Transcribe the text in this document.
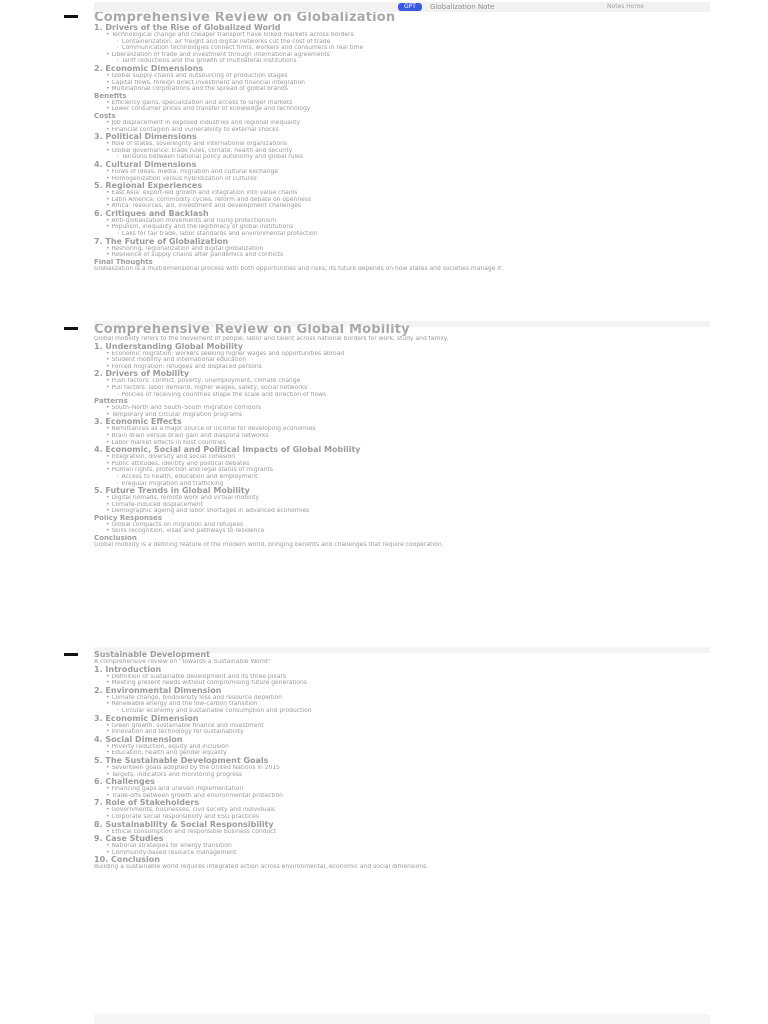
GPT	Globalization Note	Notes Home
Comprehensive Review on Globalization
1. Drivers of the Rise of Globalized World
• Technological change and cheaper transport have linked markets across borders
◦ Containerization, air freight and digital networks cut the cost of trade
◦ Communication technologies connect firms, workers and consumers in real time
• Liberalization of trade and investment through international agreements
◦ Tariff reductions and the growth of multilateral institutions
2. Economic Dimensions
• Global supply chains and outsourcing of production stages
• Capital flows, foreign direct investment and financial integration
• Multinational corporations and the spread of global brands
Benefits
• Efficiency gains, specialization and access to larger markets
• Lower consumer prices and transfer of knowledge and technology
Costs
• Job displacement in exposed industries and regional inequality
• Financial contagion and vulnerability to external shocks
3. Political Dimensions
• Role of states, sovereignty and international organizations
• Global governance: trade rules, climate, health and security
◦ Tensions between national policy autonomy and global rules
4. Cultural Dimensions
• Flows of ideas, media, migration and cultural exchange
• Homogenization versus hybridization of cultures
5. Regional Experiences
• East Asia: export-led growth and integration into value chains
• Latin America: commodity cycles, reform and debate on openness
• Africa: resources, aid, investment and development challenges
6. Critiques and Backlash
• Anti-globalization movements and rising protectionism
• Populism, inequality and the legitimacy of global institutions
◦ Calls for fair trade, labor standards and environmental protection
7. The Future of Globalization
• Reshoring, regionalization and digital globalization
• Resilience of supply chains after pandemics and conflicts
Final Thoughts
Globalization is a multidimensional process with both opportunities and risks; its future depends on how states and societies manage it.
Comprehensive Review on Global Mobility
Global mobility refers to the movement of people, labor and talent across national borders for work, study and family.
1. Understanding Global Mobility
• Economic migration: workers seeking higher wages and opportunities abroad
• Student mobility and international education
• Forced migration: refugees and displaced persons
2. Drivers of Mobility
• Push factors: conflict, poverty, unemployment, climate change
• Pull factors: labor demand, higher wages, safety, social networks
◦ Policies of receiving countries shape the scale and direction of flows
Patterns
• South–North and South–South migration corridors
• Temporary and circular migration programs
3. Economic Effects
• Remittances as a major source of income for developing economies
• Brain drain versus brain gain and diaspora networks
• Labor market effects in host countries
4. Economic, Social and Political Impacts of Global Mobility
• Integration, diversity and social cohesion
• Public attitudes, identity and political debates
• Human rights, protection and legal status of migrants
◦ Access to health, education and employment
◦ Irregular migration and trafficking
5. Future Trends in Global Mobility
• Digital nomads, remote work and virtual mobility
• Climate-induced displacement
• Demographic ageing and labor shortages in advanced economies
Policy Responses
• Global compacts on migration and refugees
• Skills recognition, visas and pathways to residence
Conclusion
Global mobility is a defining feature of the modern world, bringing benefits and challenges that require cooperation.
Sustainable Development
A comprehensive review on "Towards a Sustainable World"
1. Introduction
• Definition of sustainable development and its three pillars
• Meeting present needs without compromising future generations
2. Environmental Dimension
• Climate change, biodiversity loss and resource depletion
• Renewable energy and the low-carbon transition
◦ Circular economy and sustainable consumption and production
3. Economic Dimension
• Green growth, sustainable finance and investment
• Innovation and technology for sustainability
4. Social Dimension
• Poverty reduction, equity and inclusion
• Education, health and gender equality
5. The Sustainable Development Goals
• Seventeen goals adopted by the United Nations in 2015
• Targets, indicators and monitoring progress
6. Challenges
• Financing gaps and uneven implementation
• Trade-offs between growth and environmental protection
7. Role of Stakeholders
• Governments, businesses, civil society and individuals
• Corporate social responsibility and ESG practices
8. Sustainability & Social Responsibility
• Ethical consumption and responsible business conduct
9. Case Studies
• National strategies for energy transition
• Community-based resource management
10. Conclusion
Building a sustainable world requires integrated action across environmental, economic and social dimensions.
